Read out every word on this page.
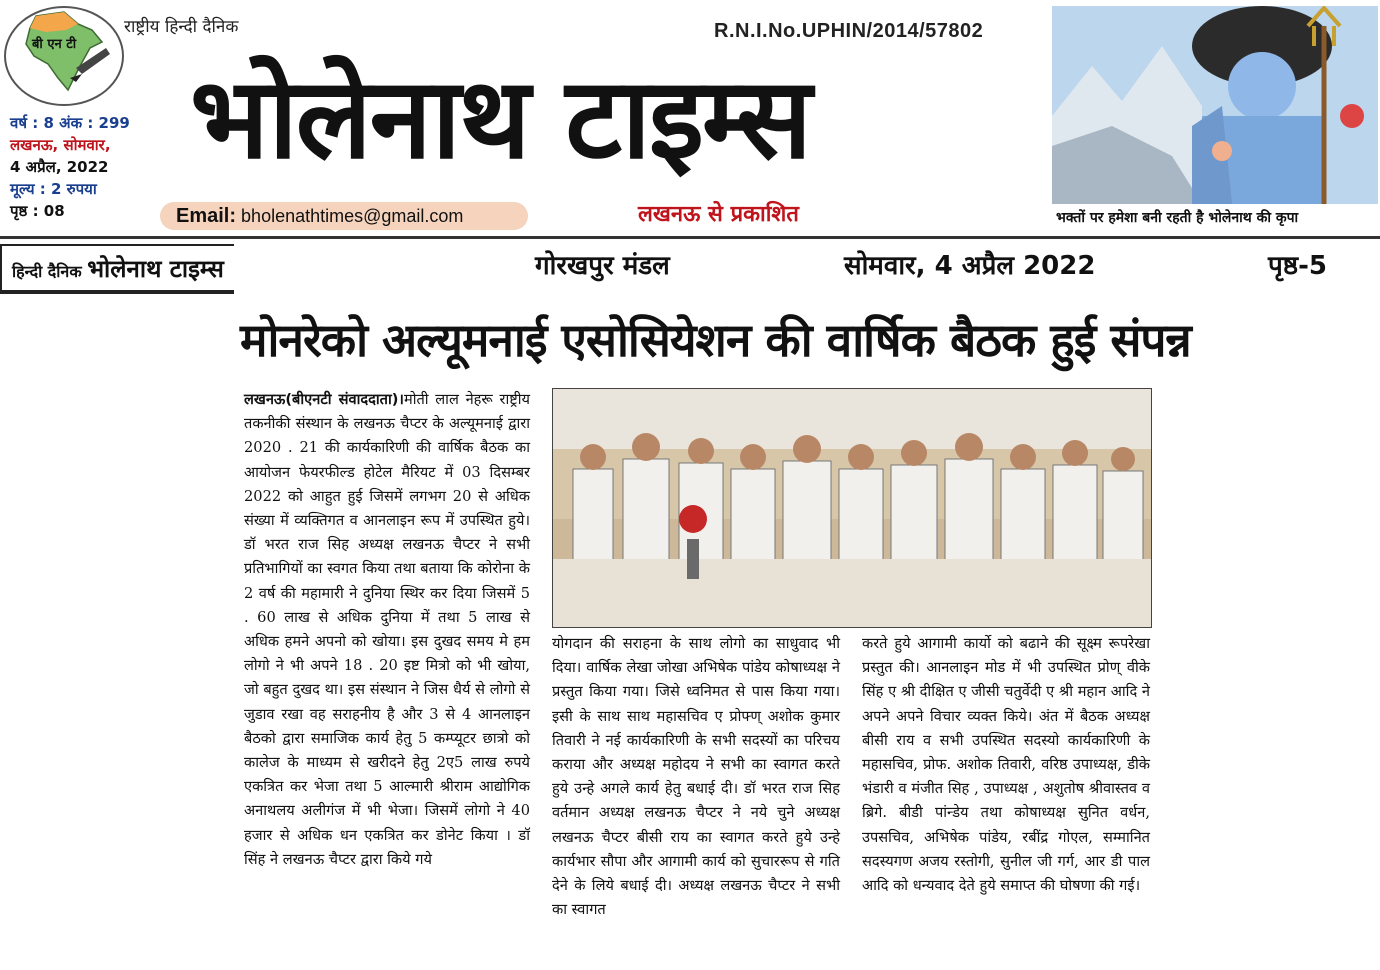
बी एन टी
राष्ट्रीय हिन्दी दैनिक
वर्ष : 8 अंक : 299
लखनऊ, सोमवार,
4 अप्रैल, 2022
मूल्य : 2 रुपया
पृष्ठ : 08
R.N.I.No.UPHIN/2014/57802
भोलेनाथ टाइम्स
Email: bholenathtimes@gmail.com	लखनऊ से प्रकाशित	भक्तों पर हमेशा बनी रहती है भोलेनाथ की कृपा
हिन्दी दैनिक भोलेनाथ टाइम्स	गोरखपुर मंडल	सोमवार, 4 अप्रैल 2022	पृष्ठ-5
मोनरेको अल्यूमनाई एसोसियेशन की वार्षिक बैठक हुई संपन्न
लखनऊ(बीएनटी संवाददाता)।मोती लाल नेहरू राष्ट्रीय तकनीकी संस्थान के लखनऊ चैप्टर के अल्यूमनाई द्वारा 2020 . 21 की कार्यकारिणी की वार्षिक बैठक का आयोजन फेयरफील्ड होटेल मैरियट में 03 दिसम्बर 2022 को आहुत हुई जिसमें लगभग 20 से अधिक संख्या में व्यक्तिगत व आनलाइन रूप में उपस्थित हुये। डॉ भरत राज सिह अध्यक्ष लखनऊ चैप्टर ने सभी प्रतिभागियों का स्वगत किया तथा बताया कि कोरोना के 2 वर्ष की महामारी ने दुनिया स्थिर कर दिया जिसमें 5 . 60 लाख से अधिक दुनिया में तथा 5 लाख से अधिक हमने अपनो को खोया। इस दुखद समय मे हम लोगो ने भी अपने 18 . 20 इष्ट मित्रो को भी खोया, जो बहुत दुखद था। इस संस्थान ने जिस धैर्य से लोगो से जुडाव रखा वह सराहनीय है और 3 से 4 आनलाइन बैठको द्वारा समाजिक कार्य हेतु 5 कम्प्यूटर छात्रो को कालेज के माध्यम से खरीदने हेतु 2ए5 लाख रुपये एकत्रित कर भेजा तथा 5 आल्मारी श्रीराम आद्योगिक अनाथलय अलीगंज में भी भेजा। जिसमें लोगो ने 40 हजार से अधिक धन एकत्रित कर डोनेट किया । डॉ सिंह ने लखनऊ चैप्टर द्वारा किये गये
योगदान की सराहना के साथ लोगो का साधुवाद भी दिया। वार्षिक लेखा जोखा अभिषेक पांडेय कोषाध्यक्ष ने प्रस्तुत किया गया। जिसे ध्वनिमत से पास किया गया। इसी के साथ साथ महासचिव ए प्रोफ्ण् अशोक कुमार तिवारी ने नई कार्यकारिणी के सभी सदस्यों का परिचय कराया और अध्यक्ष महोदय ने सभी का स्वागत करते हुये उन्हे अगले कार्य हेतु बधाई दी। डॉ भरत राज सिह वर्तमान अध्यक्ष लखनऊ चैप्टर ने नये चुने अध्यक्ष लखनऊ चैप्टर बीसी राय का स्वागत करते हुये उन्हे कार्यभार सौपा और आगामी कार्य को सुचाररूप से गति देने के लिये बधाई दी। अध्यक्ष लखनऊ चैप्टर ने सभी का स्वागत
करते हुये आगामी कार्यो को बढाने की सूक्ष्म रूपरेखा प्रस्तुत की। आनलाइन मोड में भी उपस्थित प्रोण् वीके सिंह ए श्री दीक्षित ए जीसी चतुर्वेदी ए श्री महान आदि ने अपने अपने विचार व्यक्त किये। अंत में बैठक अध्यक्ष बीसी राय व सभी उपस्थित सदस्यो कार्यकारिणी के महासचिव, प्रोफ. अशोक तिवारी, वरिष्ठ उपाध्यक्ष, डीके भंडारी व मंजीत सिह , उपाध्यक्ष , अशुतोष श्रीवास्तव व ब्रिगे. बीडी पांन्डेय तथा कोषाध्यक्ष सुनित वर्धन, उपसचिव, अभिषेक पांडेय, रबींद्र गोएल, सम्मानित सदस्यगण अजय रस्तोगी, सुनील जी गर्ग, आर डी पाल आदि को धन्यवाद देते हुये समाप्त की घोषणा की गई।
